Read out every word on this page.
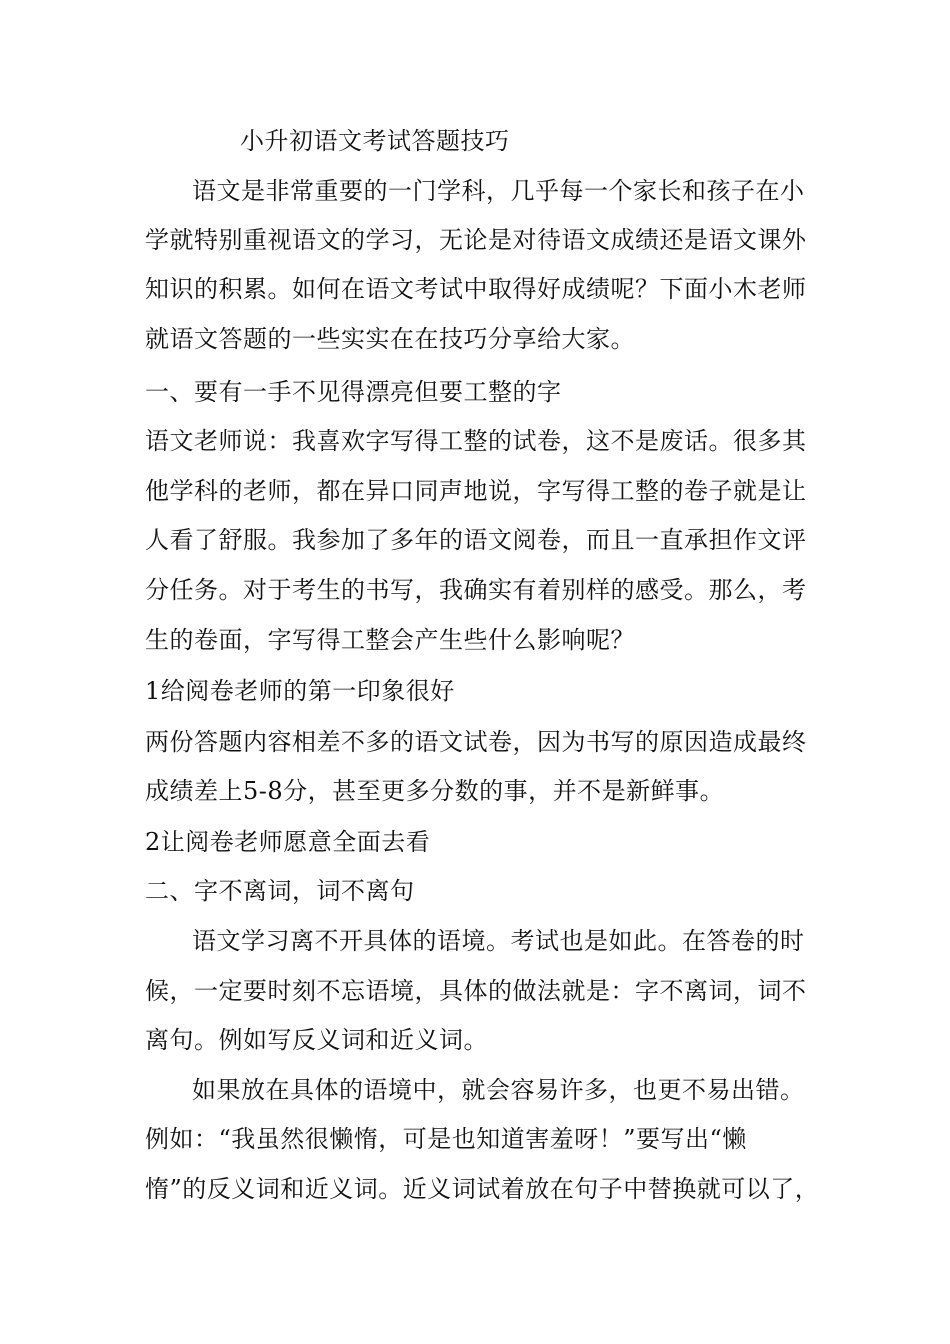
小升初语文考试答题技巧
语文是非常重要的一门学科，几乎每一个家长和孩子在小
学就特别重视语文的学习，无论是对待语文成绩还是语文课外
知识的积累。如何在语文考试中取得好成绩呢？下面小木老师
就语文答题的一些实实在在技巧分享给大家。
一、要有一手不见得漂亮但要工整的字
语文老师说：我喜欢字写得工整的试卷，这不是废话。很多其
他学科的老师，都在异口同声地说，字写得工整的卷子就是让
人看了舒服。我参加了多年的语文阅卷，而且一直承担作文评
分任务。对于考生的书写，我确实有着别样的感受。那么，考
生的卷面，字写得工整会产生些什么影响呢？
1给阅卷老师的第一印象很好
两份答题内容相差不多的语文试卷，因为书写的原因造成最终
成绩差上5-8分，甚至更多分数的事，并不是新鲜事。
2让阅卷老师愿意全面去看
二、字不离词，词不离句
语文学习离不开具体的语境。考试也是如此。在答卷的时
候，一定要时刻不忘语境，具体的做法就是：字不离词，词不
离句。例如写反义词和近义词。
如果放在具体的语境中，就会容易许多，也更不易出错。
例如：“我虽然很懒惰，可是也知道害羞呀！”要写出“懒
惰”的反义词和近义词。近义词试着放在句子中替换就可以了，
